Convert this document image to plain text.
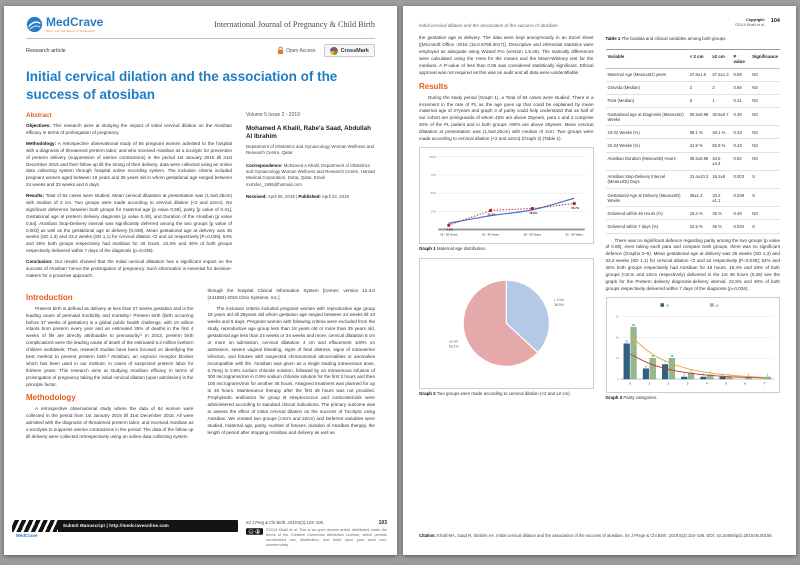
MedCrave
Step into the World of Research
International Journal of Pregnancy & Child Birth
Research article	Open Access	CrossMark
Initial cervical dilation and the association of the success of atosiban
Abstract

Objectives: This research aims at studying the impact of initial cervical dilation on the Atosiban efficacy in terms of prolongation of pregnancy.

Methodology: A retrospective observational study of 84 pregnant women admitted to the hospital with a diagnosis of threatened preterm labor, and who received Atosiban as a tocolytic for prevention of preterm delivery (suppression of uterine contractions) in the period 1st January 2015 till 31st December 2015 and their follow up till the timing of their delivery, data were collected using an online data collecting system through hospital online recording system. The inclusion criteria included pregnant women aged between 18 years and 35 years old in whom gestational age ranged between 24 weeks and 33 weeks and 6 days.

Results: Total of 84 cases were studied. Mean cervical dilatation at presentation was (1,9±0,25cm) with median of 2 cm. Two groups were made according to cervical dilation (<2 and ≥2cm). No significant deference between both groups for maternal age [p value 0,59], parity [p value of 0.41], Gestational age at preterm delivery diagnosis [p value 0.49], and Duration of the Atosiban [p value 0,54]. Atosiban Stop-Delivery interval was significantly deferred among the two groups [p value of 0,003] as well as the gestational age at delivery [0,039]. Mean gestational age at delivery was 35 weeks (SD 1,3) and 33,2 weeks (SD 1,1) for cervical dilation <2 and ≥2 respectively [P=0,039]. 54% and 45% both groups respectively had Atosiban for 48 hours. 22,5% and 46% of both groups respectively delivered within 7 days of the diagnosis (p=0,036).

Conclusion: Our results showed that the Initial cervical dilatation has a significant impact on the success of Atosiban' hence the prolongation of pregnancy. Such information is essential for decision-makers for a proactive approach.

Volume 5 Issue 2 - 2019
Mohamed A Khalil, Rabe'a Saad, Abdullah Al Ibrahim
Department of Obstetrics and Gynaecology Woman Wellness and Research Centre, Qatar

Correspondence: Mohamed A Khalil, Department of Obstetrics and Gynaecology Woman Wellness and Research Centre, Hamad Medical Corporation, Doha, Qatar, Email mohdoc_1985@hotmail.com

Received: April 08, 2019 | Published: April 23, 2019

Introduction

Preterm birth is defined as delivery at less than 37 weeks gestation and is the leading cause of perinatal morbidity and mortality.¹ Preterm birth (birth occurring before 37 weeks of gestation) is a global public health challenge, with 15 million infants born preterm every year and an estimated 35% of deaths in the first 4 weeks of life are directly attributable to prematurity.² In 2013, preterm birth complications were the leading cause of death of the estimated 6.3 million liveborn children worldwide; Thus, research studies have been focused on identifying the best method to prevent preterm birth.³ Atosiban, an oxytocin receptor blocker which has been used in our institute, in cases of suspected preterm labor for thirteen years. This research aims at studying Atosiban efficacy in terms of prolongation of pregnancy taking the initial cervical dilation (upon admission) is the principle factor.

Methodology

A retrospective observational study where the data of 84 women were collected in the period from 1st January 2015 till 31st December 2015. All were admitted with the diagnosis of threatened preterm labor, and received Atosiban as a tocolysis to suppress uterine contractions in the period. The data of the follow up till delivery were collected retrospectively using an online data collecting system

through the hospital Clinical Information System [Cerner; version 12.4.0 (441592)-2016 Citrix Systems, Inc.].

The inclusion criteria included pregnant women with reproductive age group 18 years old till 35years old whom gestation age ranged between 24 weeks till 33 weeks and 6 days. Pregnant women with following criteria were excluded from the study, reproductive age group less than 18 years old or more than 35 years old, gestational age less than 24 weeks or 34 weeks and more, cervical dilatation 5 cm or more on admission, cervical dilatation 4 cm and effacement 100% on admission, severe vaginal bleeding, signs of fetal distress, signs of intrauterine infection, and fetuses with suspected chromosomal abnormalities or anomalies incompatible with life. Atosiban was given as a single loading intravenous dose, 6.75mg in 0.9% sodium chloride solution, followed by an intravenous infusion of 300 micrograms/min in 0.9% sodium chloride solution for the first 3 hours and then 100 micrograms/min for another 45 hours. Assigned treatment was planned for up to 48 hours. Maintenance therapy after the first 48 hours was not provided. Prophylactic antibiotics for group B streptococcus and corticosteroids were administered according to standard clinical indications. The primary outcome was to assess the effect of initial cervical dilation on the success of Tocolytic using Atosiban. We created two groups (<2cm and ≥2cm) and Deferent variables were studied, maternal age, parity, number of fetuses, duration of Atosiban therapy, the length of period after stopping Atosiban and delivery as well as

Submit Manuscript | http://medcraveonline.com
MedCrave
Int J Preg & Chi Birth. 2019;5(2):103‒106.	103
cc	©2019 Khalil et al. This is an open access article distributed under the terms of the Creative Commons Attribution License, which permits unrestricted use, distribution, and build upon your work non-commercially.
Initial cervical dilation and the association of the success of atosiban
Copyright:
©2019 Khalil et al.
104

the gestation age at delivery. The data were kept anonymously in an Excel sheet [(Microsoft Office -2016 (16.0.6769.2017)]. Descriptive and inferential statistics were employed as adequate using Wizard Pro (version 1.9.26). The statically differences were calculated using the t-test for the means and the Mann-Whitney test for the medians. A P-value of less than 0.05 was considered statistically significant. Ethical approval was not required as this was an audit and all data were unidentifiable.

Results

During the study period (Graph 1), a Total of 84 cases were studied. There is a increment in the rate of PL as the age goes up that could be explained by mean maternal age of 27years and graph 3 of parity could help understand that as half of our cohort are primigravida of whom 45% are above 25years, para 1 and 2 comprise 40% of the PL patient and in both groups >80% are above 25years. Mean cervical dilatation at presentation was (1,9±0,25cm) with median of 2cm. Two groups were made according to cervical dilation (<2 and ≥2cm) (Graph 2) (Table 1).

25%
50%
75%
100%
18 - 20 Years	21 - 25 Years	26 - 30 Years	31 - 35 Years
5,9%
26,2%	28,8%
35,7%

Graph 1 Maternal age distribution.

< 2 cm
36.9%
≥2 cm
63.1%

Graph 2 Two groups were made according to cervical dilation (<2 and ≥2 cm).

Table 1 The biodata and clinical variables among both groups

Variable	< 2 cm	≥2 cm	P value	Significance
Maternal Age (Mean±SD) years	27.8±1.8	27.2±1.3	0.59	NS
Gravida (Median)	2	2	0.69	NS
Para (Median)	0	1	0.41	NS
Gestational age at Diagnosis (Mean±SD) Weeks	30.5±0.98	30.9±0.7	0.49	NS
24-32 Weeks (%)	58.1 %	49.1 %	0.43	NS
32-34 Weeks (%)	41.9 %	50.9 %	0.43	NS
Atosiban Duration (Mean±SD) Hours	35.5±5.96	34.6 ±4.4	0.82	NS
Atosiban Stop-Delivery Interval (Mean±SD) Days	31.4±10.2	16.2±5	0.003	S
Gestational Age at Delivery (Mean±SD) Weeks	35±1.3	33.2 ±1.1	0.039	S
Delivered within 48 Hours (%)	19.4 %	26 %	0.49	NS
Delivered within 7 days (%)	22.5 %	46 %	0.034	S

There was no significant defence regarding parity among the two groups [p value of 0.86], even taking each para and compare both groups, there was no significant defence (Graphs 3–9). Mean gestational age at delivery was 35 weeks (SD 1,3) and 33,2 weeks (SD 1,1) for cervical dilation <2 and ≥2 respectively [P=0,039]; 54% and 45% both groups respectively had Atosiban for 48 hours. 19,4% and 26% of both groups (<2cm and ≥2cm respectively) delivered in the 1st 48 hours (0,49) see the graph for the Preterm delivery diagnosis-delivery interval. 22,5% and 46% of both groups respectively delivered within 7 days of the diagnosis (p=0,034).

0
10
20
30
<2	≥2
0
17
25
1
5
10
2
7
10
3
1
3
4
1
2
5
1 1
6
1
7
1

Graph 3 Parity categories.

Citation: Khalil MA, Saad R, Ibrahim AA. Initial cervical dilation and the association of the success of atosiban. Int J Pregn & Chi Birth. 2019;5(2):103‒106. DOI: 10.15406/ipcb.2019.05.00156
